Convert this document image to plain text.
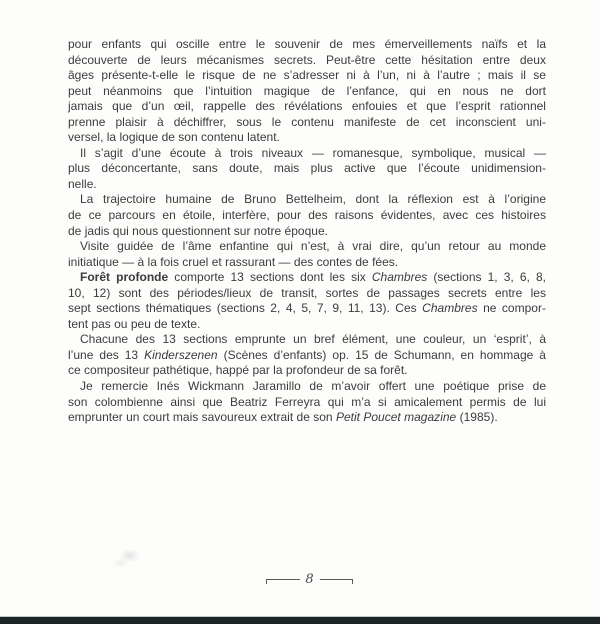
pour enfants qui oscille entre le souvenir de mes émerveillements naïfs et la
découverte de leurs mécanismes secrets. Peut-être cette hésitation entre deux
âges présente-t-elle le risque de ne s’adresser ni à l’un, ni à l’autre ; mais il se
peut néanmoins que l’intuition magique de l’enfance, qui en nous ne dort
jamais que d’un œil, rappelle des révélations enfouies et que l’esprit rationnel
prenne plaisir à déchiffrer, sous le contenu manifeste de cet inconscient uni-
versel, la logique de son contenu latent.
Il s’agit d’une écoute à trois niveaux — romanesque, symbolique, musical —
plus déconcertante, sans doute, mais plus active que l’écoute unidimension-
nelle.
La trajectoire humaine de Bruno Bettelheim, dont la réflexion est à l’origine
de ce parcours en étoile, interfère, pour des raisons évidentes, avec ces histoires
de jadis qui nous questionnent sur notre époque.
Visite guidée de l’âme enfantine qui n’est, à vrai dire, qu’un retour au monde
initiatique — à la fois cruel et rassurant — des contes de fées.
Forêt profonde comporte 13 sections dont les six Chambres (sections 1, 3, 6, 8,
10, 12) sont des périodes/lieux de transit, sortes de passages secrets entre les
sept sections thématiques (sections 2, 4, 5, 7, 9, 11, 13). Ces Chambres ne compor-
tent pas ou peu de texte.
Chacune des 13 sections emprunte un bref élément, une couleur, un ‘esprit’, à
l’une des 13 Kinderszenen (Scènes d’enfants) op. 15 de Schumann, en hommage à
ce compositeur pathétique, happé par la profondeur de sa forêt.
Je remercie Inés Wickmann Jaramillo de m’avoir offert une poétique prise de
son colombienne ainsi que Beatriz Ferreyra qui m’a si amicalement permis de lui
emprunter un court mais savoureux extrait de son Petit Poucet magazine (1985).
8
